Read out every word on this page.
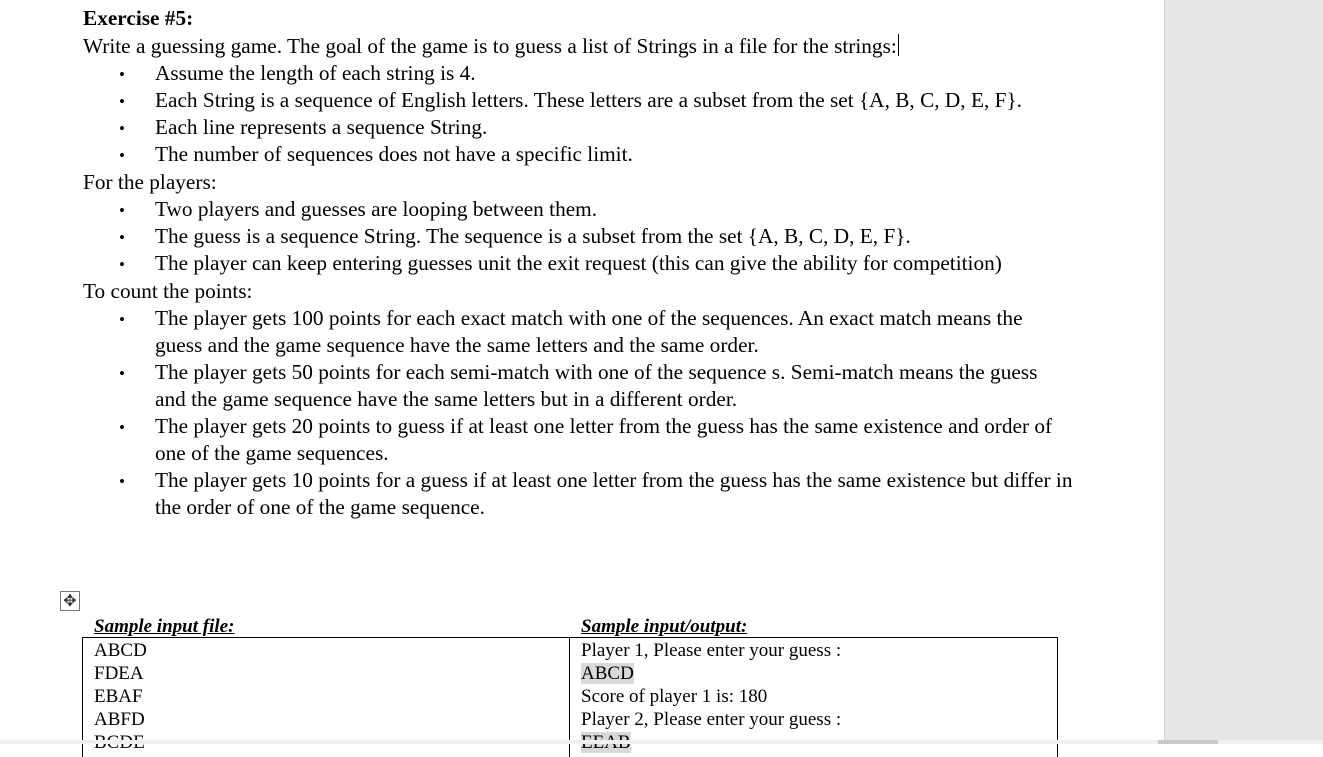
Exercise #5:
Write a guessing game. The goal of the game is to guess a list of Strings in a file for the strings:
• Assume the length of each string is 4.
• Each String is a sequence of English letters. These letters are a subset from the set {A, B, C, D, E, F}.
• Each line represents a sequence String.
• The number of sequences does not have a specific limit.
For the players:
• Two players and guesses are looping between them.
• The guess is a sequence String. The sequence is a subset from the set {A, B, C, D, E, F}.
• The player can keep entering guesses unit the exit request (this can give the ability for competition)
To count the points:
• The player gets 100 points for each exact match with one of the sequences. An exact match means the guess and the game sequence have the same letters and the same order.
• The player gets 50 points for each semi-match with one of the sequence s. Semi-match means the guess and the game sequence have the same letters but in a different order.
• The player gets 20 points to guess if at least one letter from the guess has the same existence and order of one of the game sequences.
• The player gets 10 points for a guess if at least one letter from the guess has the same existence but differ in the order of one of the game sequence.
✥
Sample input file:	Sample input/output:
ABCD
FDEA
EBAF
ABFD
Player 1, Please enter your guess :
ABCD
Score of player 1 is: 180
Player 2, Please enter your guess :
